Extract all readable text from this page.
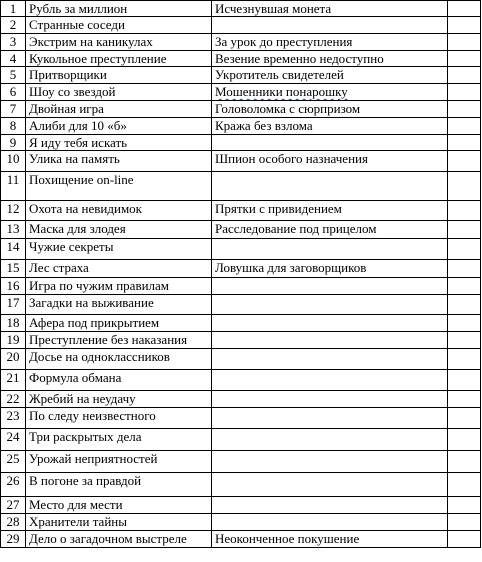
1	Рубль за миллион	Исчезнувшая монета	
2	Странные соседи		
3	Экстрим на каникулах	За урок до преступления	
4	Кукольное преступление	Везение временно недоступно	
5	Притворщики	Укротитель свидетелей	
6	Шоу со звездой	Мошенники понарошку	
7	Двойная игра	Головоломка с сюрпризом	
8	Алиби для 10 «б»	Кража без взлома	
9	Я иду тебя искать		
10	Улика на память	Шпион особого назначения	
11	Похищение on-line		
12	Охота на невидимок	Прятки с привидением	
13	Маска для злодея	Расследование под прицелом	
14	Чужие секреты		
15	Лес страха	Ловушка для заговорщиков	
16	Игра по чужим правилам		
17	Загадки на выживание		
18	Афера под прикрытием		
19	Преступление без наказания		
20	Досье на одноклассников		
21	Формула обмана		
22	Жребий на неудачу		
23	По следу неизвестного		
24	Три раскрытых дела		
25	Урожай неприятностей		
26	В погоне за правдой		
27	Место для мести		
28	Хранители тайны		
29	Дело о загадочном выстреле	Неоконченное покушение	
